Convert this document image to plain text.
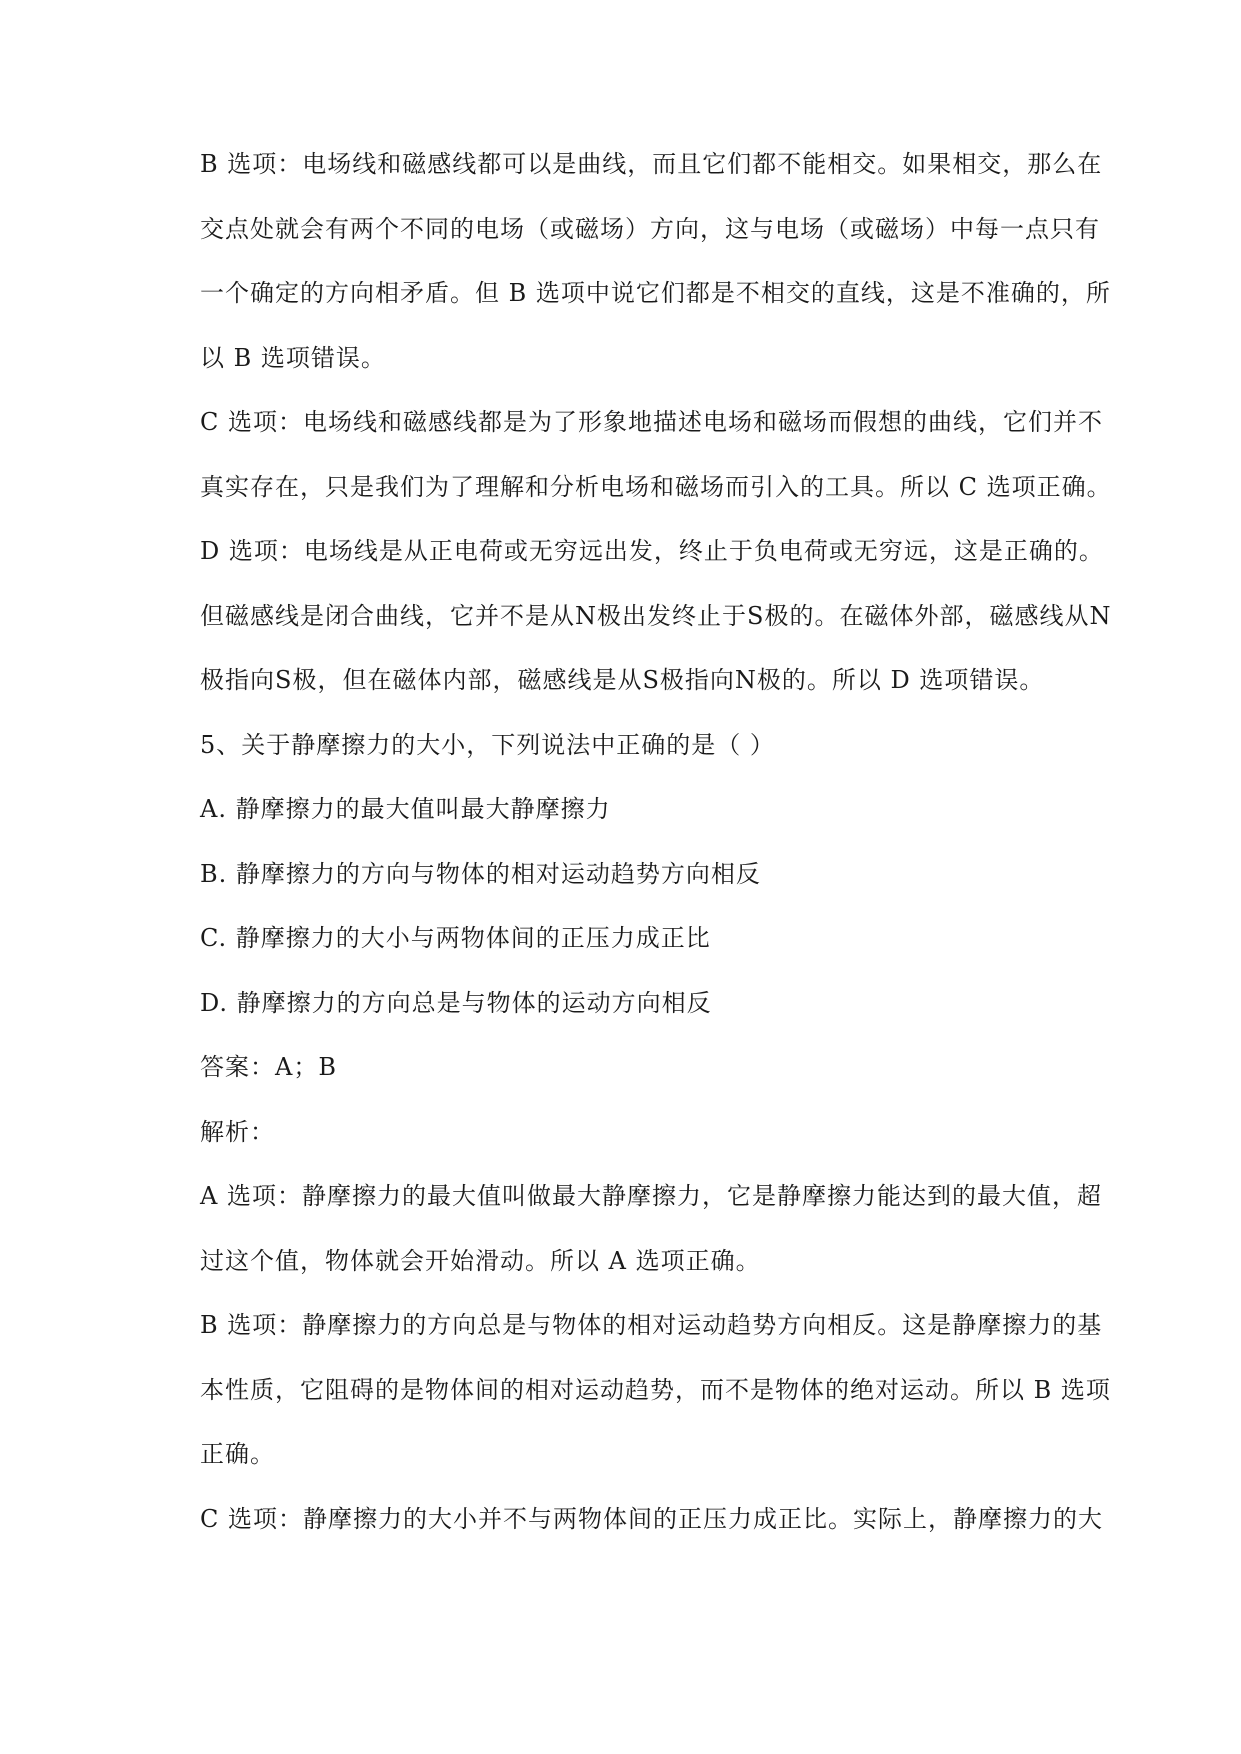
B 选项：电场线和磁感线都可以是曲线，而且它们都不能相交。如果相交，那么在

交点处就会有两个不同的电场（或磁场）方向，这与电场（或磁场）中每一点只有

一个确定的方向相矛盾。但 B 选项中说它们都是不相交的直线，这是不准确的，所

以 B 选项错误。

C 选项：电场线和磁感线都是为了形象地描述电场和磁场而假想的曲线，它们并不

真实存在，只是我们为了理解和分析电场和磁场而引入的工具。所以 C 选项正确。

D 选项：电场线是从正电荷或无穷远出发，终止于负电荷或无穷远，这是正确的。

但磁感线是闭合曲线，它并不是从N极出发终止于S极的。在磁体外部，磁感线从N

极指向S极，但在磁体内部，磁感线是从S极指向N极的。所以 D 选项错误。

5、关于静摩擦力的大小，下列说法中正确的是（ ）

A. 静摩擦力的最大值叫最大静摩擦力

B. 静摩擦力的方向与物体的相对运动趋势方向相反

C. 静摩擦力的大小与两物体间的正压力成正比

D. 静摩擦力的方向总是与物体的运动方向相反

答案：A；B

解析：

A 选项：静摩擦力的最大值叫做最大静摩擦力，它是静摩擦力能达到的最大值，超

过这个值，物体就会开始滑动。所以 A 选项正确。

B 选项：静摩擦力的方向总是与物体的相对运动趋势方向相反。这是静摩擦力的基

本性质，它阻碍的是物体间的相对运动趋势，而不是物体的绝对运动。所以 B 选项

正确。

C 选项：静摩擦力的大小并不与两物体间的正压力成正比。实际上，静摩擦力的大
